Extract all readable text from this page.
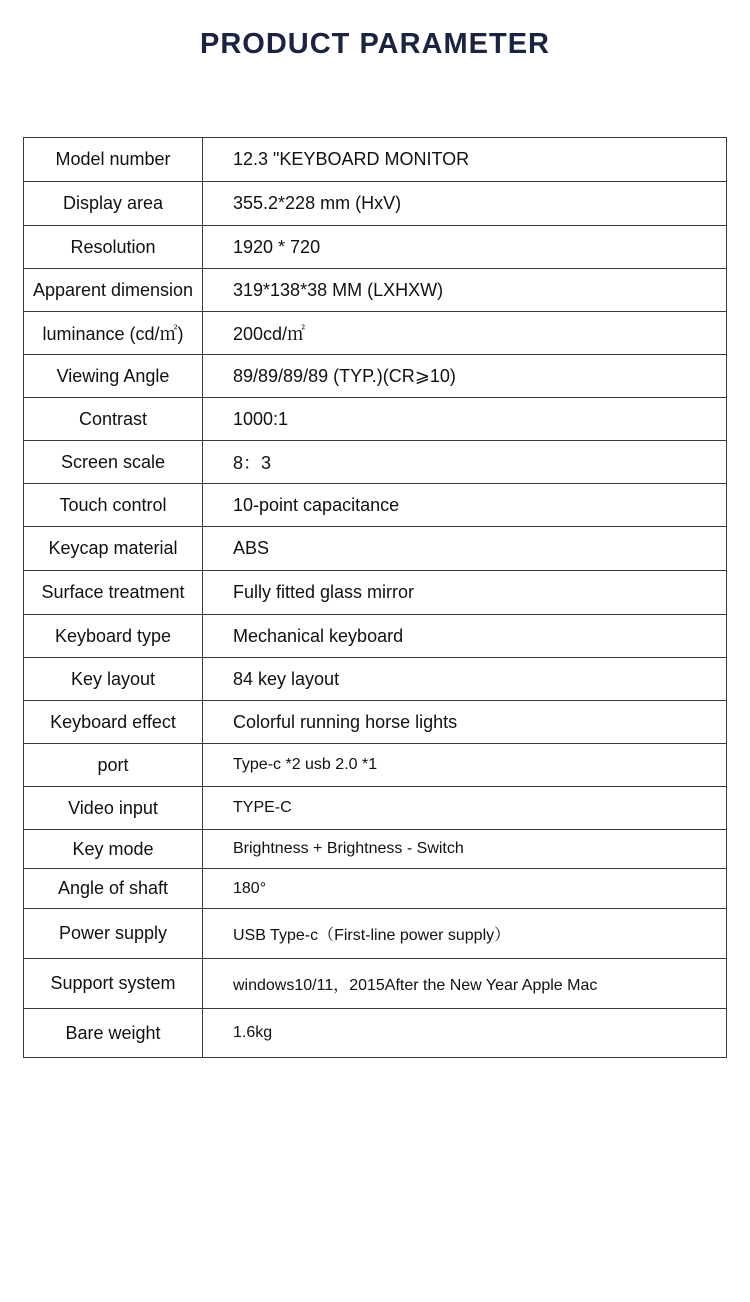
PRODUCT PARAMETER
Model number	12.3 "KEYBOARD MONITOR
Display area	355.2*228 mm (HxV)
Resolution	1920 * 720
Apparent dimension	319*138*38 MM (LXHXW)
luminance (cd/㎡)	200cd/㎡
Viewing Angle	89/89/89/89 (TYP.)(CR⩾10)
Contrast	1000:1
Screen scale	8：3
Touch control	10-point capacitance
Keycap material	ABS
Surface treatment	Fully fitted glass mirror
Keyboard type	Mechanical keyboard
Key layout	84 key layout
Keyboard effect	Colorful running horse lights
port	Type-c *2 usb 2.0 *1
Video input	TYPE-C
Key mode	Brightness + Brightness - Switch
Angle of shaft	180°
Power supply	USB Type-c（First-line power supply）
Support system	windows10/11，2015After the New Year Apple Mac
Bare weight	1.6kg
